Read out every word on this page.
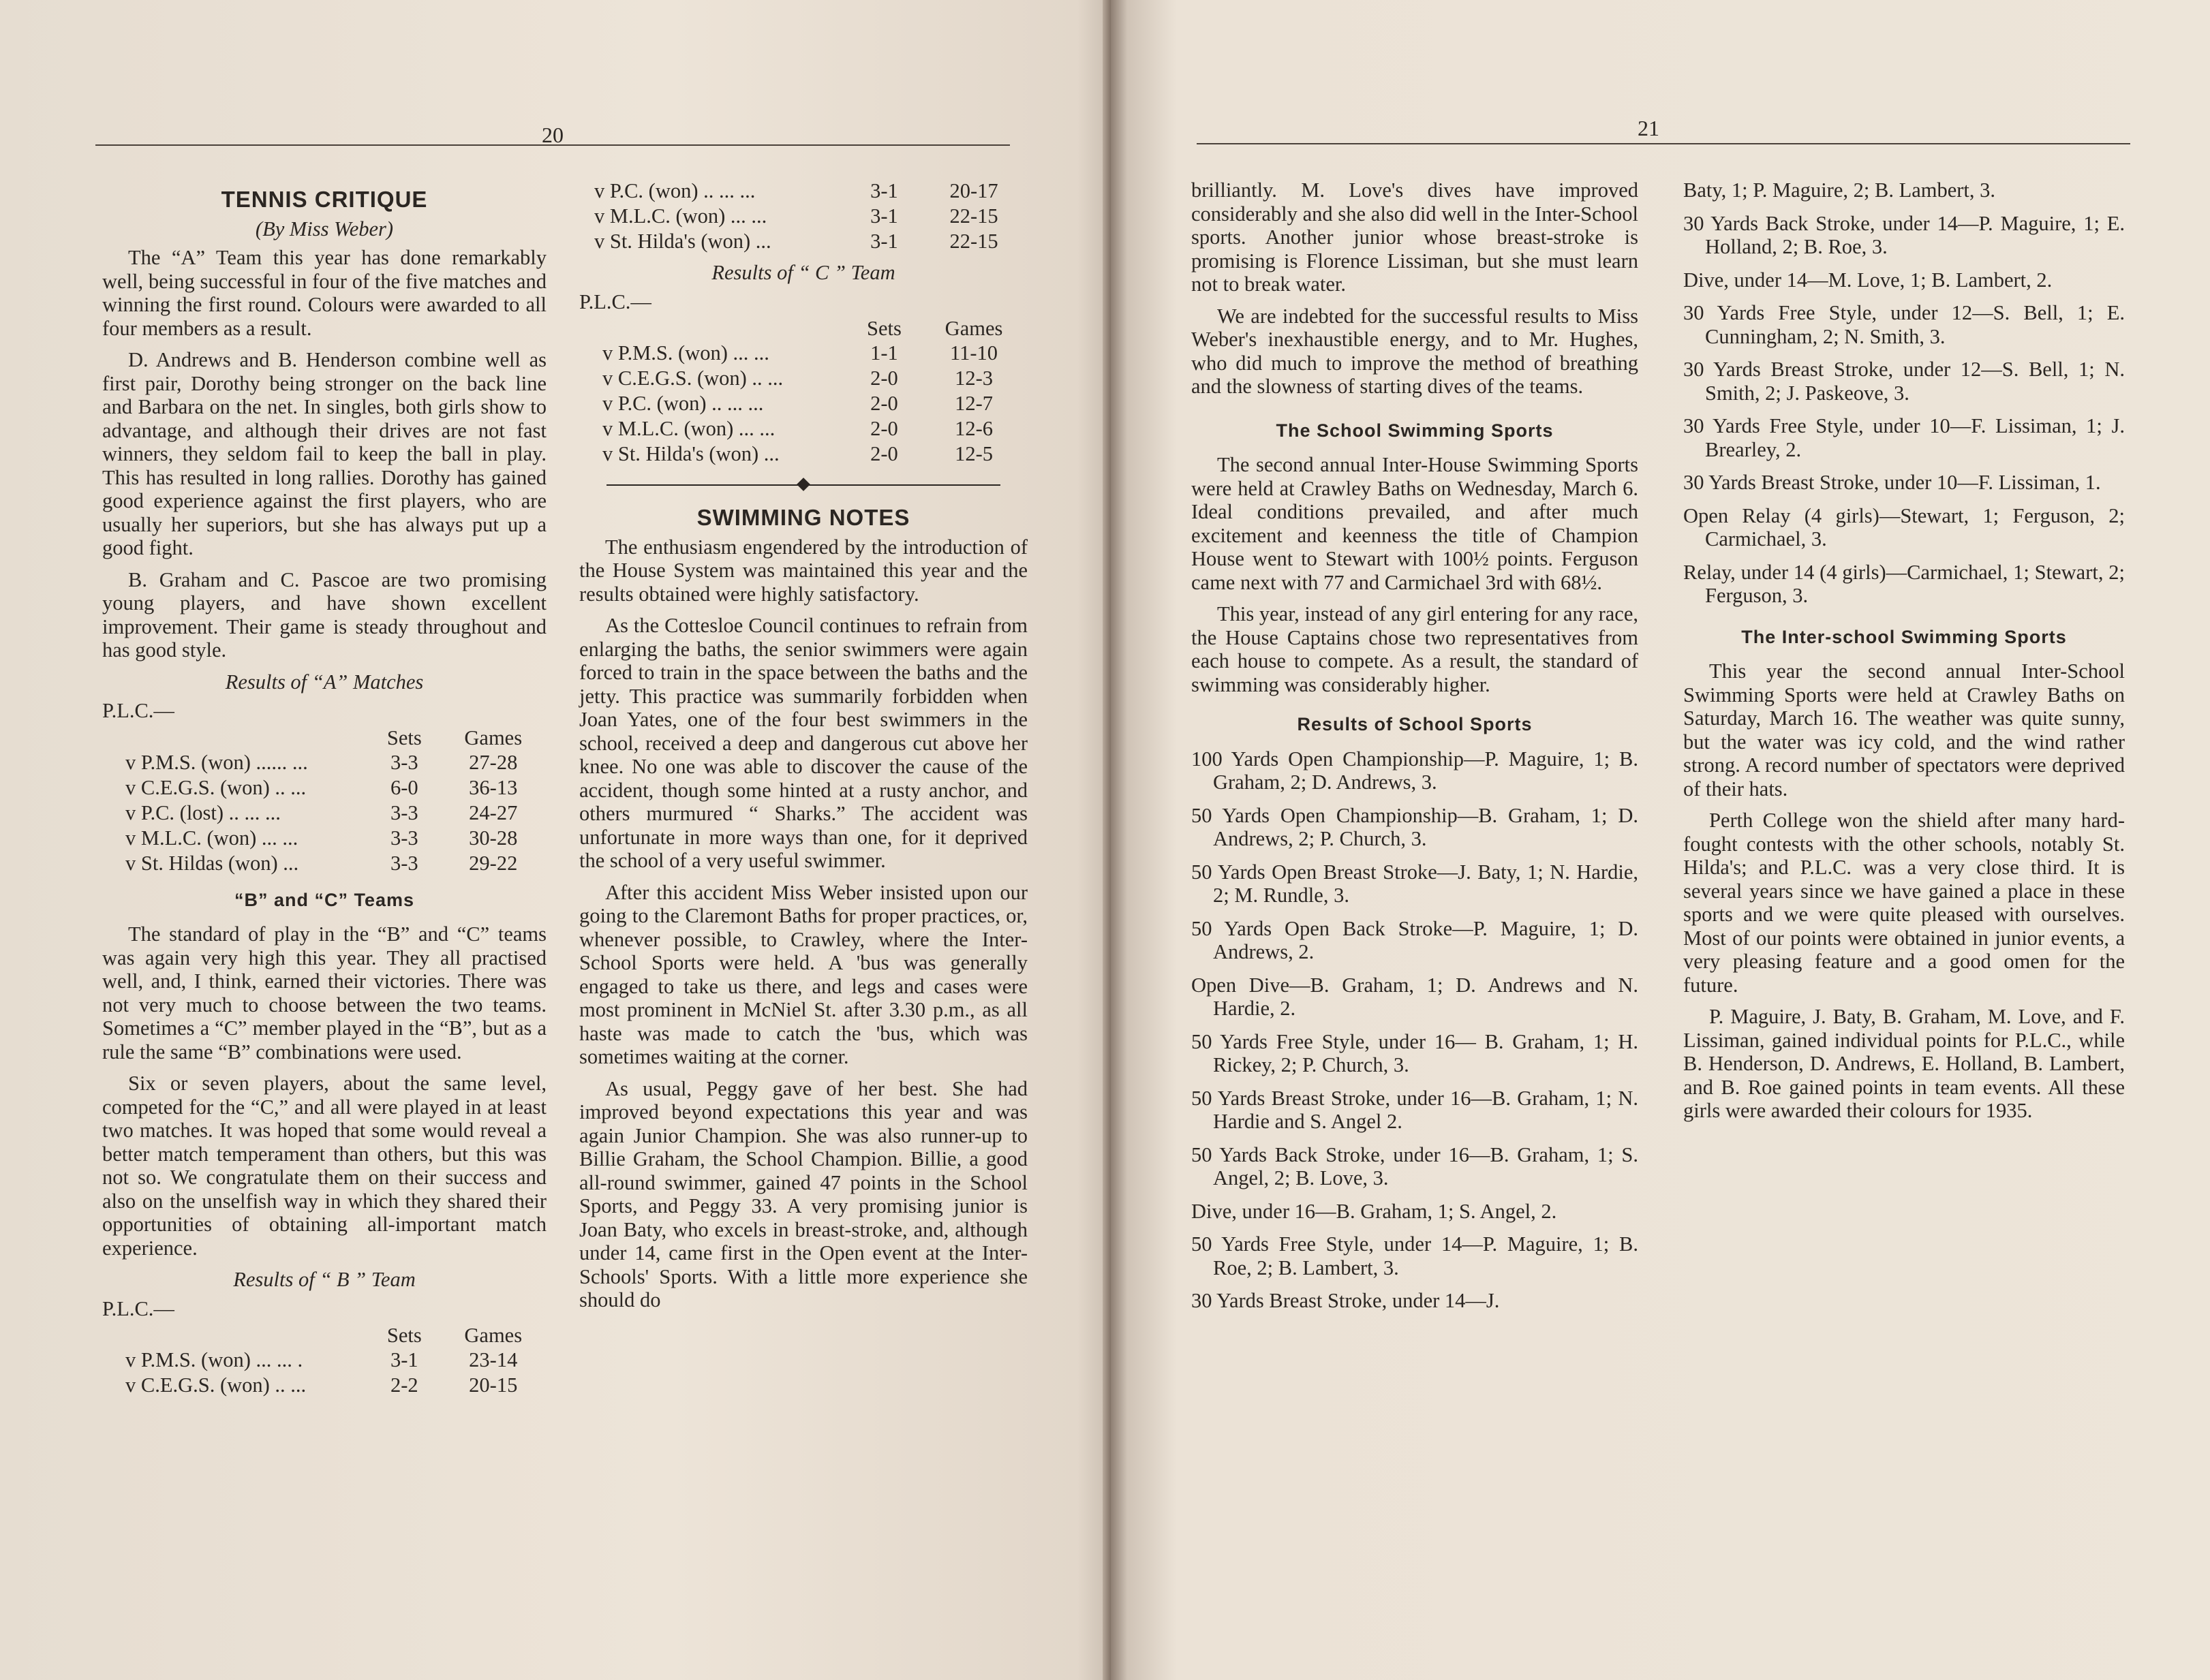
20
TENNIS CRITIQUE
(By Miss Weber)

The “A” Team this year has done remarkably well, being successful in four of the five matches and winning the first round. Colours were awarded to all four members as a result.

D. Andrews and B. Henderson combine well as first pair, Dorothy being stronger on the back line and Barbara on the net. In singles, both girls show to advantage, and although their drives are not fast winners, they seldom fail to keep the ball in play. This has resulted in long rallies. Dorothy has gained good experience against the first players, who are usually her superiors, but she has always put up a good fight.

B. Graham and C. Pascoe are two promising young players, and have shown excellent improvement. Their game is steady throughout and has good style.

Results of “A” Matches
P.L.C.—
	Sets	Games
v P.M.S. (won) ...... ...	3-3	27-28
v C.E.G.S. (won) .. ...	6-0	36-13
v P.C. (lost) .. ... ...	3-3	24-27
v M.L.C. (won) ... ...	3-3	30-28
v St. Hildas (won) ...	3-3	29-22
“B” and “C” Teams

The standard of play in the “B” and “C” teams was again very high this year. They all practised well, and, I think, earned their victories. There was not very much to choose between the two teams. Sometimes a “C” member played in the “B”, but as a rule the same “B” combinations were used.

Six or seven players, about the same level, competed for the “C,” and all were played in at least two matches. It was hoped that some would reveal a better match temperament than others, but this was not so. We congratulate them on their success and also on the unselfish way in which they shared their opportunities of obtaining all-important match experience.

Results of “ B ” Team
P.L.C.—
	Sets	Games
v P.M.S. (won) ... ... .	3-1	23-14
v C.E.G.S. (won) .. ...	2-2	20-15
v P.C. (won) .. ... ...	3-1	20-17
v M.L.C. (won) ... ...	3-1	22-15
v St. Hilda's (won) ...	3-1	22-15
Results of “ C ” Team
P.L.C.—
	Sets	Games
v P.M.S. (won) ... ...	1-1	11-10
v C.E.G.S. (won) .. ...	2-0	12-3
v P.C. (won) .. ... ...	2-0	12-7
v M.L.C. (won) ... ...	2-0	12-6
v St. Hilda's (won) ...	2-0	12-5
SWIMMING NOTES

The enthusiasm engendered by the introduction of the House System was maintained this year and the results obtained were highly satisfactory.

As the Cottesloe Council continues to refrain from enlarging the baths, the senior swimmers were again forced to train in the space between the baths and the jetty. This practice was summarily forbidden when Joan Yates, one of the four best swimmers in the school, received a deep and dangerous cut above her knee. No one was able to discover the cause of the accident, though some hinted at a rusty anchor, and others murmured “ Sharks.” The accident was unfortunate in more ways than one, for it deprived the school of a very useful swimmer.

After this accident Miss Weber insisted upon our going to the Claremont Baths for proper practices, or, whenever possible, to Crawley, where the Inter-School Sports were held. A 'bus was generally engaged to take us there, and legs and cases were most prominent in McNiel St. after 3.30 p.m., as all haste was made to catch the 'bus, which was sometimes waiting at the corner.

As usual, Peggy gave of her best. She had improved beyond expectations this year and was again Junior Champion. She was also runner-up to Billie Graham, the School Champion. Billie, a good all-round swimmer, gained 47 points in the School Sports, and Peggy 33. A very promising junior is Joan Baty, who excels in breast-stroke, and, although under 14, came first in the Open event at the Inter-Schools' Sports. With a little more experience she should do

21

brilliantly. M. Love's dives have improved considerably and she also did well in the Inter-School sports. Another junior whose breast-stroke is promising is Florence Lissiman, but she must learn not to break water.

We are indebted for the successful results to Miss Weber's inexhaustible energy, and to Mr. Hughes, who did much to improve the method of breathing and the slowness of starting dives of the teams.

The School Swimming Sports

The second annual Inter-House Swimming Sports were held at Crawley Baths on Wednesday, March 6. Ideal conditions prevailed, and after much excitement and keenness the title of Champion House went to Stewart with 100½ points. Ferguson came next with 77 and Carmichael 3rd with 68½.

This year, instead of any girl entering for any race, the House Captains chose two representatives from each house to compete. As a result, the standard of swimming was considerably higher.

Results of School Sports

100 Yards Open Championship—P. Maguire, 1; B. Graham, 2; D. Andrews, 3.

50 Yards Open Championship—B. Graham, 1; D. Andrews, 2; P. Church, 3.

50 Yards Open Breast Stroke—J. Baty, 1; N. Hardie, 2; M. Rundle, 3.

50 Yards Open Back Stroke—P. Maguire, 1; D. Andrews, 2.

Open Dive—B. Graham, 1; D. Andrews and N. Hardie, 2.

50 Yards Free Style, under 16— B. Graham, 1; H. Rickey, 2; P. Church, 3.

50 Yards Breast Stroke, under 16—B. Graham, 1; N. Hardie and S. Angel 2.

50 Yards Back Stroke, under 16—B. Graham, 1; S. Angel, 2; B. Love, 3.

Dive, under 16—B. Graham, 1; S. Angel, 2.

50 Yards Free Style, under 14—P. Maguire, 1; B. Roe, 2; B. Lambert, 3.

30 Yards Breast Stroke, under 14—J.

Baty, 1; P. Maguire, 2; B. Lambert, 3.

30 Yards Back Stroke, under 14—P. Maguire, 1; E. Holland, 2; B. Roe, 3.

Dive, under 14—M. Love, 1; B. Lambert, 2.

30 Yards Free Style, under 12—S. Bell, 1; E. Cunningham, 2; N. Smith, 3.

30 Yards Breast Stroke, under 12—S. Bell, 1; N. Smith, 2; J. Paskeove, 3.

30 Yards Free Style, under 10—F. Lissiman, 1; J. Brearley, 2.

30 Yards Breast Stroke, under 10—F. Lissiman, 1.

Open Relay (4 girls)—Stewart, 1; Ferguson, 2; Carmichael, 3.

Relay, under 14 (4 girls)—Carmichael, 1; Stewart, 2; Ferguson, 3.

The Inter-school Swimming Sports

This year the second annual Inter-School Swimming Sports were held at Crawley Baths on Saturday, March 16. The weather was quite sunny, but the water was icy cold, and the wind rather strong. A record number of spectators were deprived of their hats.

Perth College won the shield after many hard-fought contests with the other schools, notably St. Hilda's; and P.L.C. was a very close third. It is several years since we have gained a place in these sports and we were quite pleased with ourselves. Most of our points were obtained in junior events, a very pleasing feature and a good omen for the future.

P. Maguire, J. Baty, B. Graham, M. Love, and F. Lissiman, gained individual points for P.L.C., while B. Henderson, D. Andrews, E. Holland, B. Lambert, and B. Roe gained points in team events. All these girls were awarded their colours for 1935.
